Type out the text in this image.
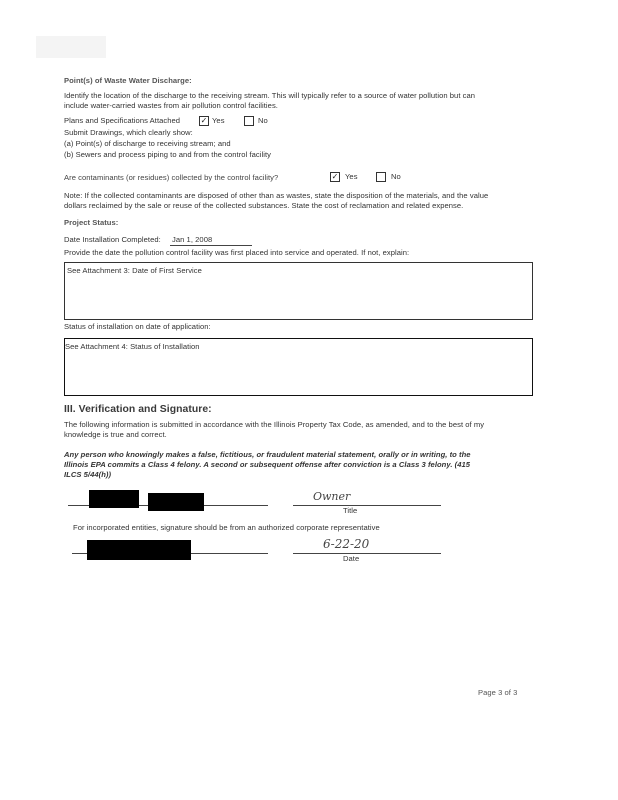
Point(s) of Waste Water Discharge:
Identify the location of the discharge to the receiving stream. This will typically refer to a source of water pollution but can
include water-carried wastes from air pollution control facilities.
Plans and Specifications Attached	✓ Yes	No
Submit Drawings, which clearly show:
(a) Point(s) of discharge to receiving stream; and
(b) Sewers and process piping to and from the control facility
Are contaminants (or residues) collected by the control facility?	✓ Yes	No
Note: If the collected contaminants are disposed of other than as wastes, state the disposition of the materials, and the value
dollars reclaimed by the sale or reuse of the collected substances. State the cost of reclamation and related expense.
Project Status:
Date Installation Completed: Jan 1, 2008
Provide the date the pollution control facility was first placed into service and operated. If not, explain:
See Attachment 3: Date of First Service
Status of installation on date of application:
See Attachment 4: Status of Installation
III. Verification and Signature:
The following information is submitted in accordance with the Illinois Property Tax Code, as amended, and to the best of my
knowledge is true and correct.
Any person who knowingly makes a false, fictitious, or fraudulent material statement, orally or in writing, to the
Illinois EPA commits a Class 4 felony. A second or subsequent offense after conviction is a Class 3 felony. (415
ILCS 5/44(h))
Owner
Title
For incorporated entities, signature should be from an authorized corporate representative
6-22-20
Date
Page 3 of 3
